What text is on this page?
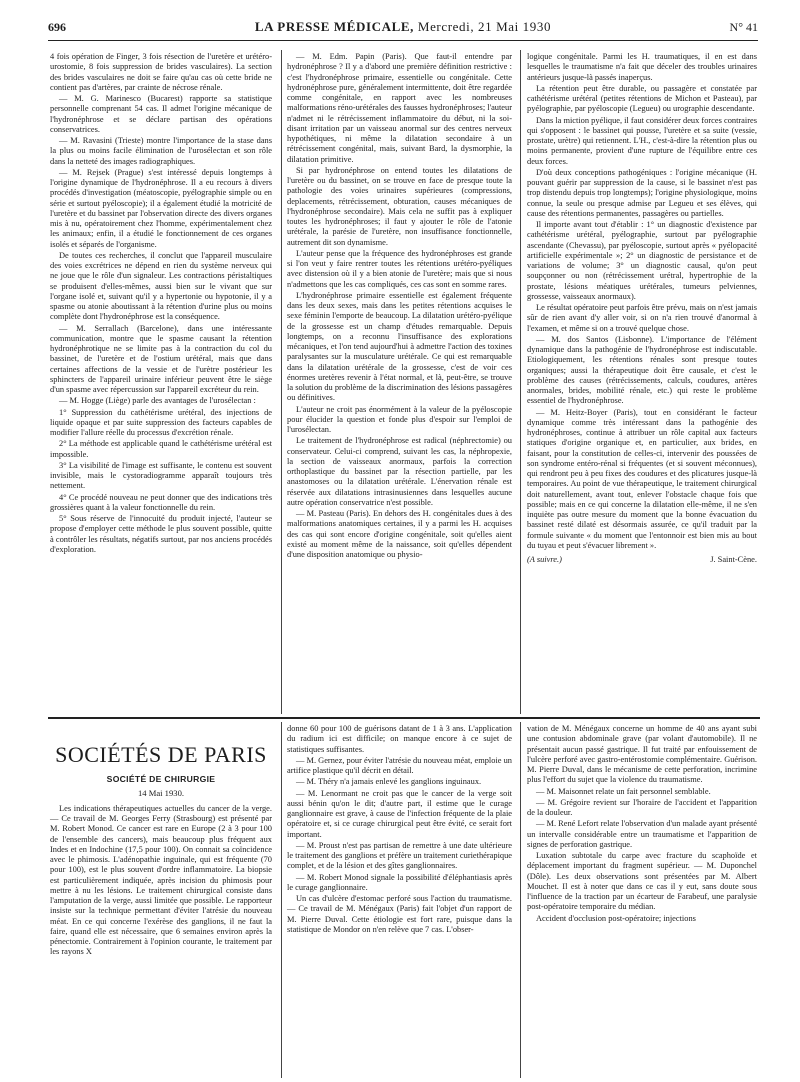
696	LA PRESSE MÉDICALE, Mercredi, 21 Mai 1930	N° 41

4 fois opération de Finger, 3 fois résection de l'uretère et urétéro-urostomie, 8 fois suppression de brides vasculaires). La section des brides vasculaires ne doit se faire qu'au cas où cette bride ne contient pas d'artères, par crainte de nécrose rénale.

— M. G. Marinesco (Bucarest) rapporte sa statistique personnelle comprenant 54 cas. Il admet l'origine mécanique de l'hydronéphrose et se déclare partisan des opérations conservatrices.

— M. Ravasini (Trieste) montre l'importance de la stase dans la plus ou moins facile élimination de l'urosélectan et son rôle dans la netteté des images radiographiques.

— M. Rejsek (Prague) s'est intéressé depuis longtemps à l'origine dynamique de l'hydronéphrose. Il a eu recours à divers procédés d'investigation (méatoscopie, pyélographie simple ou en série et surtout pyéloscopie); il a également étudié la motricité de l'uretère et du bassinet par l'observation directe des divers organes mis à nu, opératoirement chez l'homme, expérimentalement chez les animaux; enfin, il a étudié le fonctionnement de ces organes isolés et séparés de l'organisme.

De toutes ces recherches, il conclut que l'appareil musculaire des voies excrétrices ne dépend en rien du système nerveux qui ne joue que le rôle d'un signaleur. Les contractions péristaltiques se produisent d'elles-mêmes, aussi bien sur le vivant que sur l'organe isolé et, suivant qu'il y a hypertonie ou hypotonie, il y a spasme ou atonie aboutissant à la rétention d'urine plus ou moins complète dont l'hydronéphrose est la conséquence.

— M. Serrallach (Barcelone), dans une intéressante communication, montre que le spasme causant la rétention hydronéphrotique ne se limite pas à la contraction du col du bassinet, de l'uretère et de l'ostium urétéral, mais que dans certaines affections de la vessie et de l'urètre postérieur les sphincters de l'appareil urinaire inférieur peuvent être le siège d'un spasme avec répercussion sur l'appareil excréteur du rein.

— M. Hogge (Liège) parle des avantages de l'urosélectan :

1° Suppression du cathétérisme urétéral, des injections de liquide opaque et par suite suppression des facteurs capables de modifier l'allure réelle du processus d'excrétion rénale.

2° La méthode est applicable quand le cathétérisme urétéral est impossible.

3° La visibilité de l'image est suffisante, le contenu est souvent invisible, mais le cystoradiogramme apparaît toujours très nettement.

4° Ce procédé nouveau ne peut donner que des indications très grossières quant à la valeur fonctionnelle du rein.

5° Sous réserve de l'innocuité du produit injecté, l'auteur se propose d'employer cette méthode le plus souvent possible, quitte à contrôler les résultats, négatifs surtout, par nos anciens procédés d'exploration.

— M. Edm. Papin (Paris). Que faut-il entendre par hydronéphrose ? Il y a d'abord une première définition restrictive : c'est l'hydronéphrose primaire, essentielle ou congénitale. Cette hydronéphrose pure, généralement intermittente, doit être regardée comme congénitale, en rapport avec les nombreuses malformations réno-urétérales des fausses hydronéphroses; l'auteur n'admet ni le rétrécissement inflammatoire du début, ni la soi-disant irritation par un vaisseau anormal sur des centres nerveux hypothétiques, ni même la dilatation secondaire à un rétrécissement congénital, mais, suivant Bard, la dysmorphie, la dilatation primitive.

Si par hydronéphrose on entend toutes les dilatations de l'uretère ou du bassinet, on se trouve en face de presque toute la pathologie des voies urinaires supérieures (compressions, deplacements, rétrécissement, obturation, causes mécaniques de l'hydronéphrose secondaire). Mais cela ne suffit pas à expliquer toutes les hydronéphroses; il faut y ajouter le rôle de l'atonie urétérale, la parésie de l'uretère, non insuffisance fonctionnelle, autrement dit son dynamisme.

L'auteur pense que la fréquence des hydronéphroses est grande si l'on veut y faire rentrer toutes les rétentions urétéro-pyéliques avec distension où il y a bien atonie de l'uretère; mais que si nous n'admettons que les cas compliqués, ces cas sont en somme rares.

L'hydronéphrose primaire essentielle est également fréquente dans les deux sexes, mais dans les petites rétentions acquises le sexe féminin l'emporte de beaucoup. La dilatation urétéro-pyélique de la grossesse est un champ d'études remarquable. Depuis longtemps, on a reconnu l'insuffisance des explorations mécaniques, et l'on tend aujourd'hui à admettre l'action des toxines paralysantes sur la musculature urétérale. Ce qui est remarquable dans la dilatation urétérale de la grossesse, c'est de voir ces énormes uretères revenir à l'état normal, et là, peut-être, se trouve la solution du problème de la discrimination des lésions passagères ou définitives.

L'auteur ne croit pas énormément à la valeur de la pyéloscopie pour élucider la question et fonde plus d'espoir sur l'emploi de l'urosélectan.

Le traitement de l'hydronéphrose est radical (néphrectomie) ou conservateur. Celui-ci comprend, suivant les cas, la néphropexie, la section de vaisseaux anormaux, parfois la correction orthoplastique du bassinet par la résection partielle, par les anastomoses ou la dilatation urétérale. L'énervation rénale est réservée aux dilatations intrasinusiennes dans lesquelles aucune autre opération conservatrice n'est possible.

— M. Pasteau (Paris). En dehors des H. congénitales dues à des malformations anatomiques certaines, il y a parmi les H. acquises des cas qui sont encore d'origine congénitale, soit qu'elles aient existé au moment même de la naissance, soit qu'elles dépendent d'une disposition anatomique ou physio-

logique congénitale. Parmi les H. traumatiques, il en est dans lesquelles le traumatisme n'a fait que déceler des troubles urinaires antérieurs jusque-là passés inaperçus.

La rétention peut être durable, ou passagère et constatée par cathétérisme urétéral (petites rétentions de Michon et Pasteau), par pyélographie, par pyéloscopie (Legueu) ou urographie descendante.

Dans la miction pyélique, il faut considérer deux forces contraires qui s'opposent : le bassinet qui pousse, l'uretère et sa suite (vessie, prostate, urètre) qui retiennent. L'H., c'est-à-dire la rétention plus ou moins permanente, provient d'une rupture de l'équilibre entre ces deux forces.

D'où deux conceptions pathogéniques : l'origine mécanique (H. pouvant guérir par suppression de la cause, si le bassinet n'est pas trop distendu depuis trop longtemps); l'origine physiologique, moins connue, la seule ou presque admise par Legueu et ses élèves, qui cause des rétentions permanentes, passagères ou partielles.

Il importe avant tout d'établir : 1° un diagnostic d'existence par cathétérisme urétéral, pyélographie, surtout par pyélographie ascendante (Chevassu), par pyéloscopie, surtout après « pyélopacité artificielle expérimentale »; 2° un diagnostic de persistance et de variations de volume; 3° un diagnostic causal, qu'on peut soupçonner ou non (rétrécissement urétral, hypertrophie de la prostate, lésions méatiques urétérales, tumeurs pelviennes, grossesse, vaisseaux anormaux).

Le résultat opératoire peut parfois être prévu, mais on n'est jamais sûr de rien avant d'y aller voir, si on n'a rien trouvé d'anormal à l'examen, et même si on a trouvé quelque chose.

— M. dos Santos (Lisbonne). L'importance de l'élément dynamique dans la pathogénie de l'hydronéphrose est indiscutable. Etiologiquement, les rétentions rénales sont presque toutes organiques; aussi la thérapeutique doit être causale, et c'est le problème des causes (rétrécissements, calculs, coudures, artères anormales, brides, mobilité rénale, etc.) qui reste le problème essentiel de l'hydronéphrose.

— M. Heitz-Boyer (Paris), tout en considérant le facteur dynamique comme très intéressant dans la pathogénie des hydronéphroses, continue à attribuer un rôle capital aux facteurs statiques d'origine organique et, en particulier, aux brides, en faisant, pour la constitution de celles-ci, intervenir des poussées de son syndrome entéro-rénal si fréquentes (et si souvent méconnues), qui rendront peu à peu fixes des coudures et des plicatures jusque-là temporaires. Au point de vue thérapeutique, le traitement chirurgical doit naturellement, avant tout, enlever l'obstacle chaque fois que possible; mais en ce qui concerne la dilatation elle-même, il ne s'en inquiète pas outre mesure du moment que la bonne évacuation du bassinet resté dilaté est désormais assurée, ce qu'il traduit par la formule suivante « du moment que l'entonnoir est bien mis au bout du tuyau et peut s'évacuer librement ».

(A suivre.)	J. Saint-Cène.
SOCIÉTÉS DE PARIS
SOCIÉTÉ DE CHIRURGIE
14 Mai 1930.

Les indications thérapeutiques actuelles du cancer de la verge. — Ce travail de M. Georges Ferry (Strasbourg) est présenté par M. Robert Monod. Ce cancer est rare en Europe (2 à 3 pour 100 de l'ensemble des cancers), mais beaucoup plus fréquent aux Indes et en Indochine (17,5 pour 100). On connait sa coïncidence avec le phimosis. L'adénopathie inguinale, qui est fréquente (70 pour 100), est le plus souvent d'ordre inflammatoire. La biopsie est particulièrement indiquée, après incision du phimosis pour mettre à nu les lésions. Le traitement chirurgical consiste dans l'amputation de la verge, aussi limitée que possible. Le rapporteur insiste sur la technique permettant d'éviter l'atrésie du nouveau méat. En ce qui concerne l'exérèse des ganglions, il ne faut la faire, quand elle est nécessaire, que 6 semaines environ après la pénectomie. Contrairement à l'opinion courante, le traitement par les rayons X

donne 60 pour 100 de guérisons datant de 1 à 3 ans. L'application du radium ici est difficile; on manque encore à ce sujet de statistiques suffisantes.

— M. Gernez, pour éviter l'atrésie du nouveau méat, emploie un artifice plastique qu'il décrit en détail.

— M. Théry n'a jamais enlevé les ganglions inguinaux.

— M. Lenormant ne croit pas que le cancer de la verge soit aussi bénin qu'on le dit; d'autre part, il estime que le curage ganglionnaire est grave, à cause de l'infection fréquente de la plaie opératoire et, si ce curage chirurgical peut être évité, ce serait fort important.

— M. Proust n'est pas partisan de remettre à une date ultérieure le traitement des ganglions et préfère un traitement curiethérapique complet, et de la lésion et des gîtes ganglionnaires.

— M. Robert Monod signale la possibilité d'éléphantiasis après le curage ganglionnaire.

Un cas d'ulcère d'estomac perforé sous l'action du traumatisme. — Ce travail de M. Ménégaux (Paris) fait l'objet d'un rapport de M. Pierre Duval. Cette étiologie est fort rare, puisque dans la statistique de Mondor on n'en relève que 7 cas. L'obser-

vation de M. Ménégaux concerne un homme de 40 ans ayant subi une contusion abdominale grave (par volant d'automobile). Il ne présentait aucun passé gastrique. Il fut traité par enfouissement de l'ulcère perforé avec gastro-entérostomie complémentaire. Guérison. M. Pierre Duval, dans le mécanisme de cette perforation, incrimine plus l'effort du sujet que la violence du traumatisme.

— M. Maisonnet relate un fait personnel semblable.

— M. Grégoire revient sur l'horaire de l'accident et l'apparition de la douleur.

— M. René Lefort relate l'observation d'un malade ayant présenté un intervalle considérable entre un traumatisme et l'apparition de signes de perforation gastrique.

Luxation subtotale du carpe avec fracture du scaphoïde et déplacement important du fragment supérieur. — M. Duponchel (Dôle). Les deux observations sont présentées par M. Albert Mouchet. Il est à noter que dans ce cas il y eut, sans doute sous l'influence de la traction par un écarteur de Farabeuf, une paralysie post-opératoire temporaire du médian.

Accident d'occlusion post-opératoire; injections
